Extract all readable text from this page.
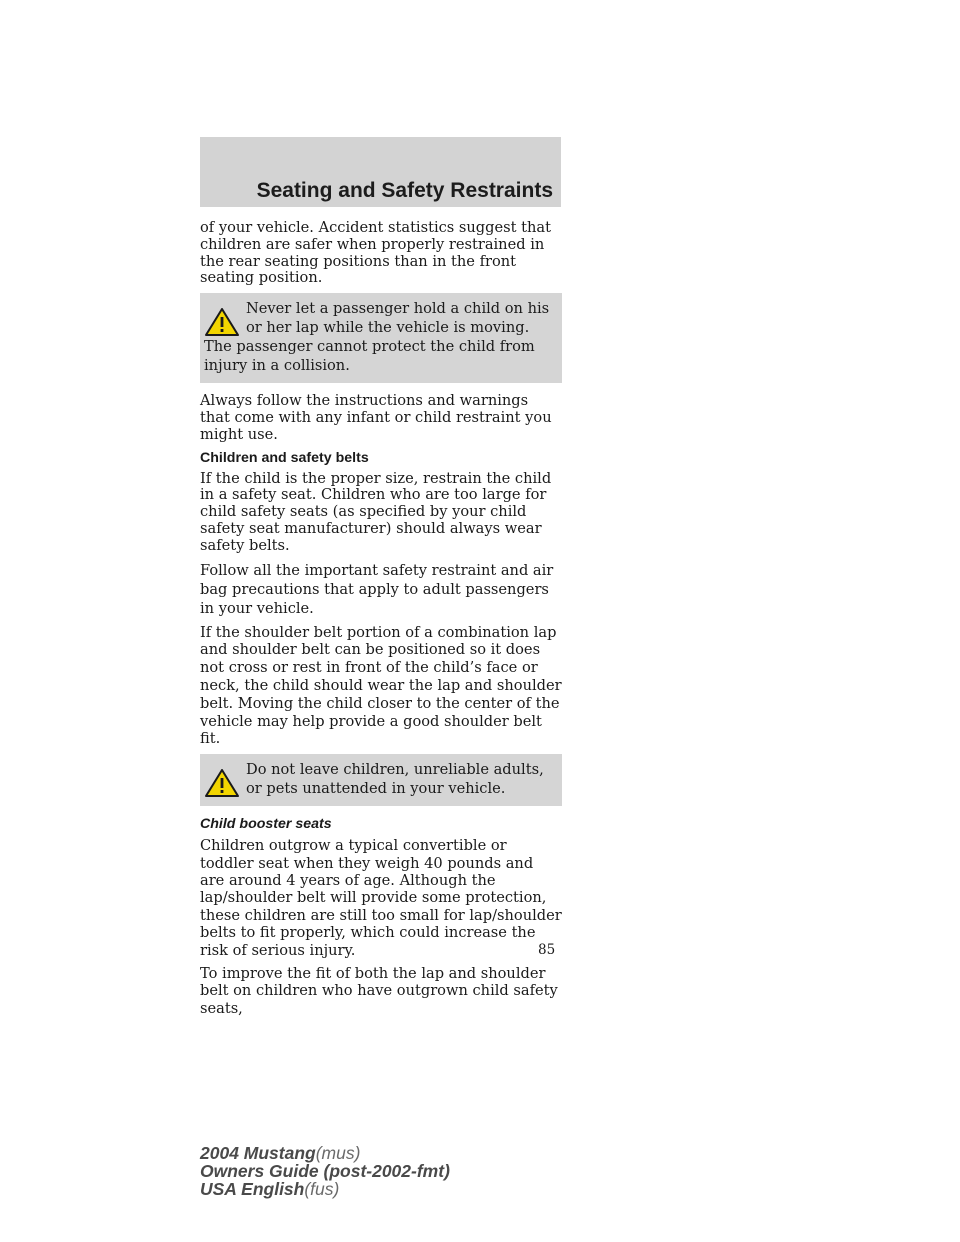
Seating and Safety Restraints

of your vehicle. Accident statistics suggest that children are safer when properly restrained in the rear seating positions than in the front seating position.

Never let a passenger hold a child on his or her lap while the vehicle is moving. The passenger cannot protect the child from injury in a collision.

Always follow the instructions and warnings that come with any infant or child restraint you might use.

Children and safety belts

If the child is the proper size, restrain the child in a safety seat. Children who are too large for child safety seats (as specified by your child safety seat manufacturer) should always wear safety belts.

Follow all the important safety restraint and air bag precautions that apply to adult passengers in your vehicle.

If the shoulder belt portion of a combination lap and shoulder belt can be positioned so it does not cross or rest in front of the child’s face or neck, the child should wear the lap and shoulder belt. Moving the child closer to the center of the vehicle may help provide a good shoulder belt fit.

Do not leave children, unreliable adults, or pets unattended in your vehicle.
Child booster seats

Children outgrow a typical convertible or toddler seat when they weigh 40 pounds and are around 4 years of age. Although the lap/shoulder belt will provide some protection, these children are still too small for lap/shoulder belts to fit properly, which could increase the risk of serious injury.

To improve the fit of both the lap and shoulder belt on children who have outgrown child safety seats,

85
2004 Mustang(mus)
Owners Guide (post-2002-fmt)
USA English(fus)
